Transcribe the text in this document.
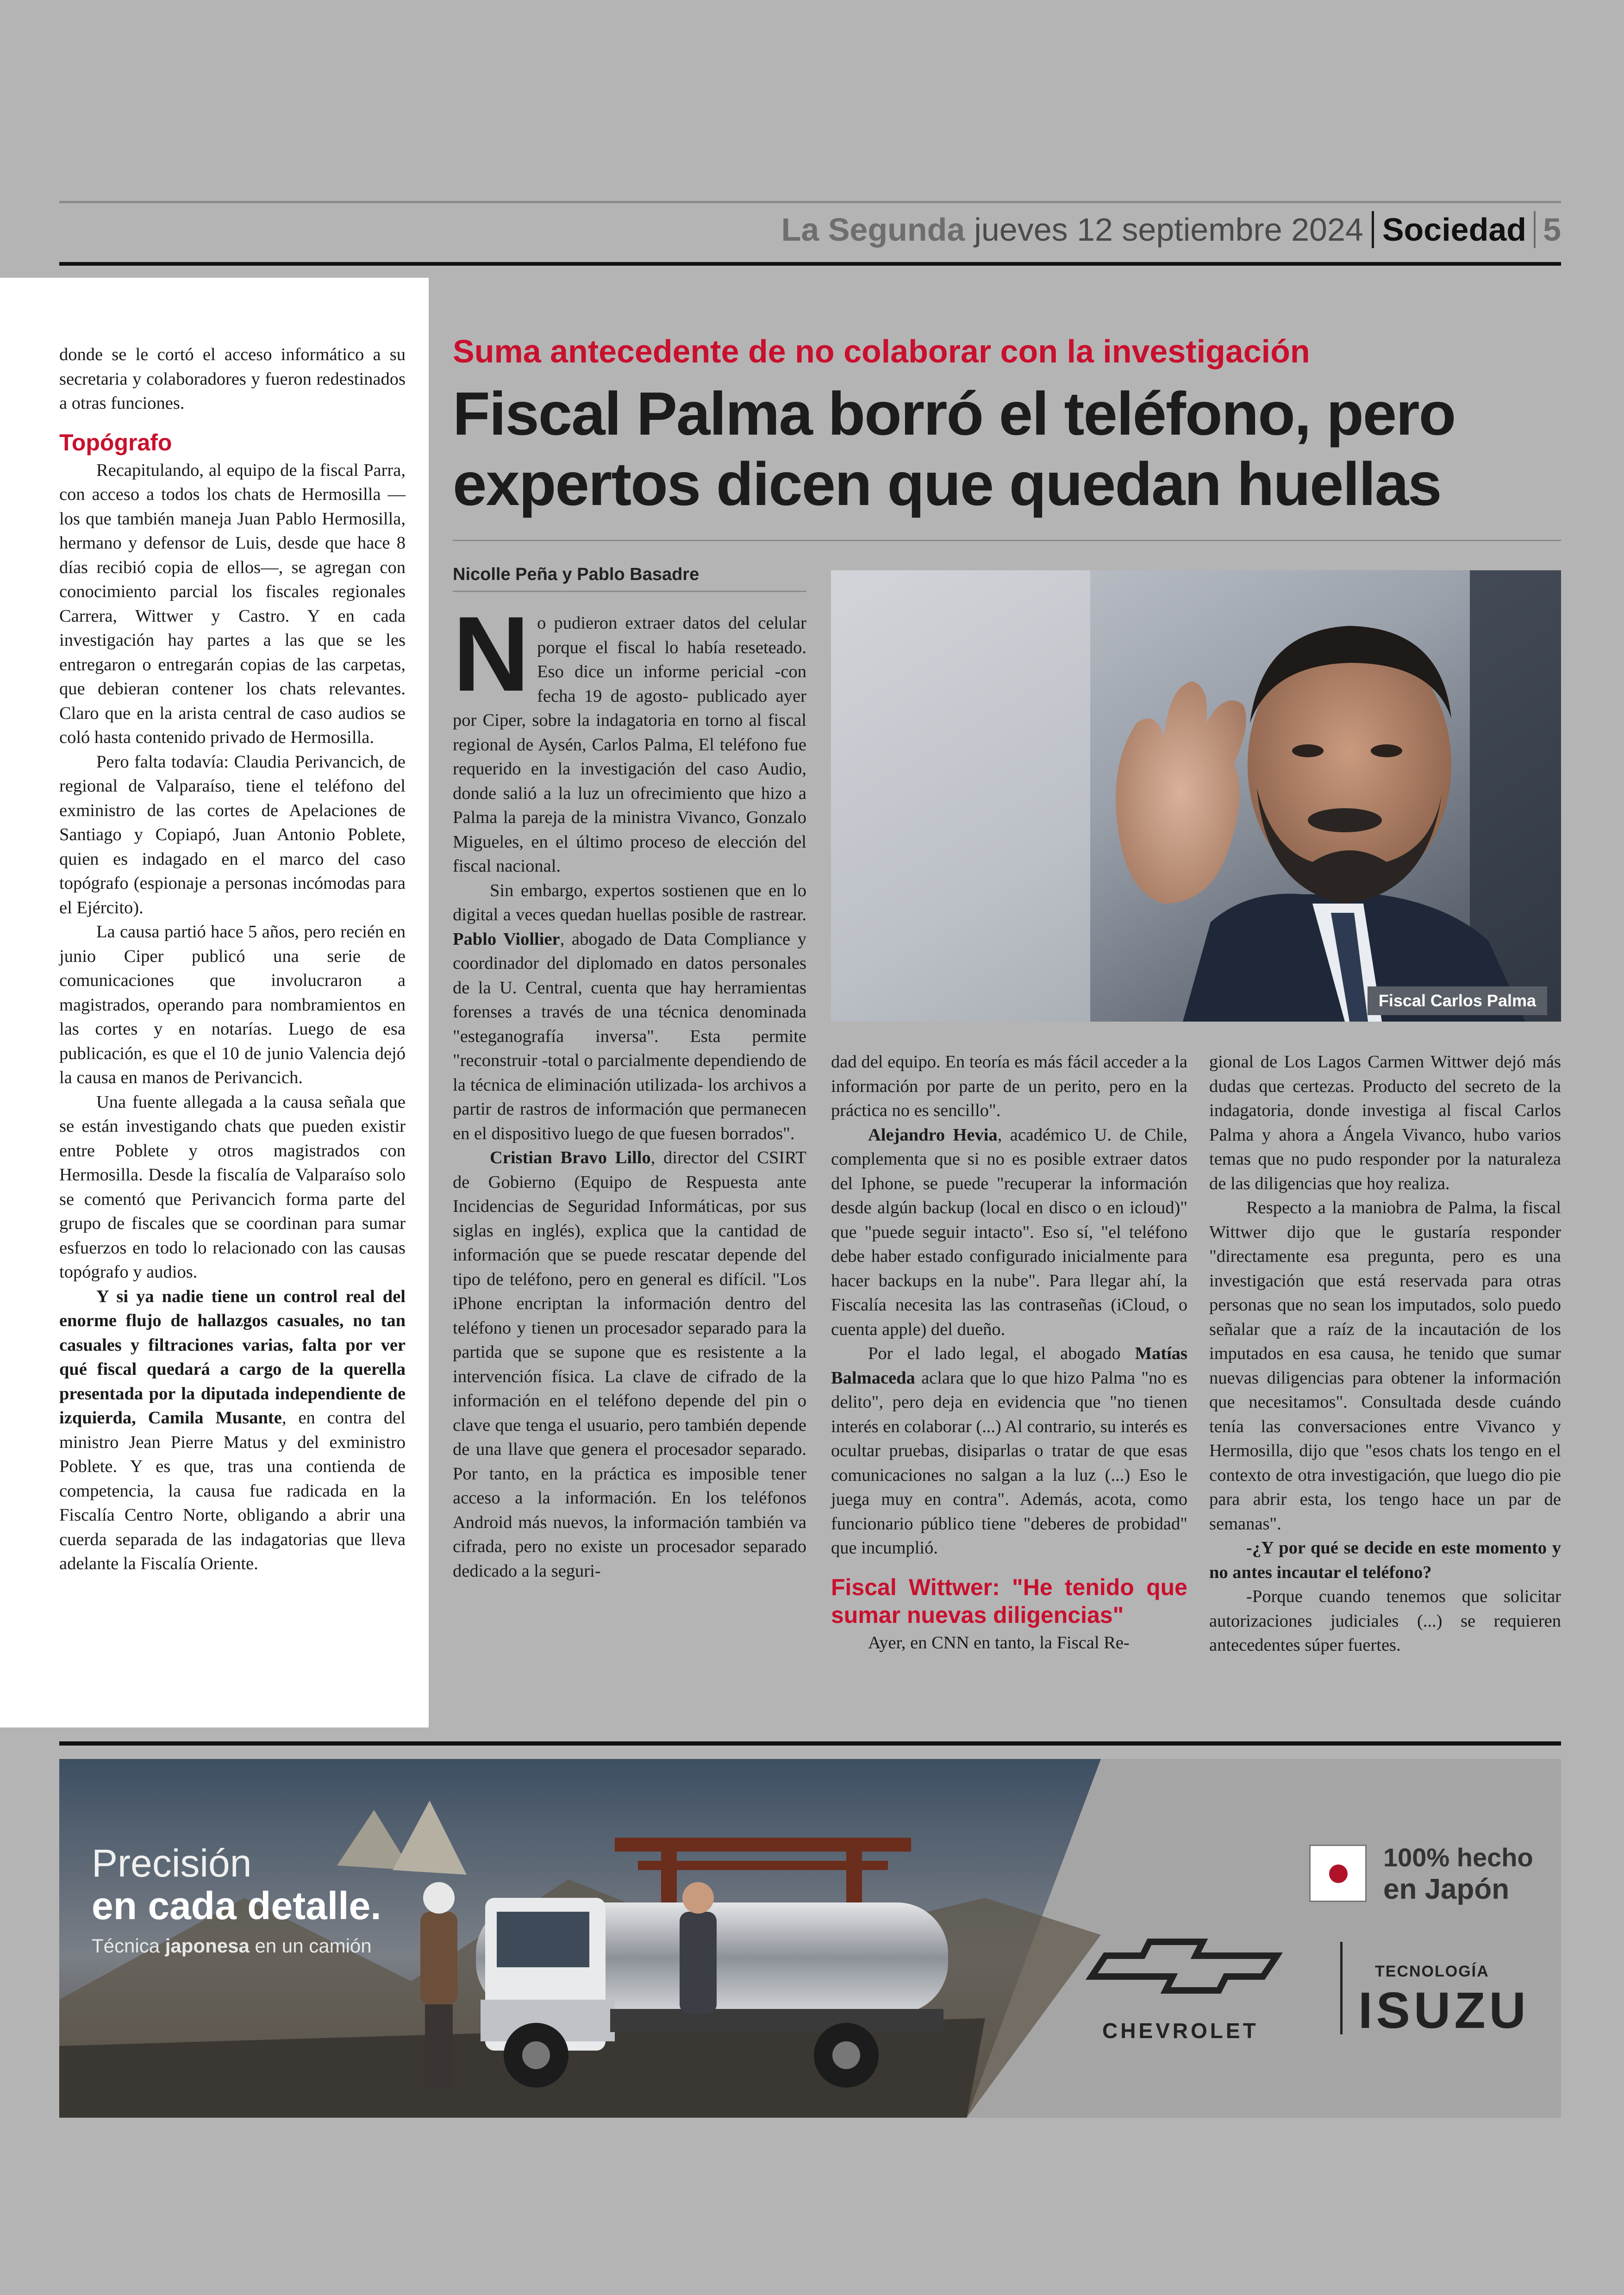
La Segunda jueves 12 septiembre 2024 Sociedad 5

donde se le cortó el acceso informático a su secretaria y colaboradores y fueron redestinados a otras funciones.

Topógrafo

Recapitulando, al equipo de la fiscal Parra, con acceso a todos los chats de Hermosilla —los que también maneja Juan Pablo Hermosilla, hermano y defensor de Luis, desde que hace 8 días recibió copia de ellos—, se agregan con conocimiento parcial los fiscales regionales Carrera, Wittwer y Castro. Y en cada investigación hay partes a las que se les entregaron o entregarán copias de las carpetas, que debieran contener los chats relevantes. Claro que en la arista central de caso audios se coló hasta contenido privado de Hermosilla.

Pero falta todavía: Claudia Perivancich, de regional de Valparaíso, tiene el teléfono del exministro de las cortes de Apelaciones de Santiago y Copiapó, Juan Antonio Poblete, quien es indagado en el marco del caso topógrafo (espionaje a personas incómodas para el Ejército).

La causa partió hace 5 años, pero recién en junio Ciper publicó una serie de comunicaciones que involucraron a magistrados, operando para nombramientos en las cortes y en notarías. Luego de esa publicación, es que el 10 de junio Valencia dejó la causa en manos de Perivancich.

Una fuente allegada a la causa señala que se están investigando chats que pueden existir entre Poblete y otros magistrados con Hermosilla. Desde la fiscalía de Valparaíso solo se comentó que Perivancich forma parte del grupo de fiscales que se coordinan para sumar esfuerzos en todo lo relacionado con las causas topógrafo y audios.

Y si ya nadie tiene un control real del enorme flujo de hallazgos casuales, no tan casuales y filtraciones varias, falta por ver qué fiscal quedará a cargo de la querella presentada por la diputada independiente de izquierda, Camila Musante, en contra del ministro Jean Pierre Matus y del exministro Poblete. Y es que, tras una contienda de competencia, la causa fue radicada en la Fiscalía Centro Norte, obligando a abrir una cuerda separada de las indagatorias que lleva adelante la Fiscalía Oriente.

Suma antecedente de no colaborar con la investigación
Fiscal Palma borró el teléfono, pero expertos dicen que quedan huellas
Nicolle Peña y Pablo Basadre

No pudieron extraer datos del celular porque el fiscal lo había reseteado. Eso dice un informe pericial -con fecha 19 de agosto- publicado ayer por Ciper, sobre la indagatoria en torno al fiscal regional de Aysén, Carlos Palma, El teléfono fue requerido en la investigación del caso Audio, donde salió a la luz un ofrecimiento que hizo a Palma la pareja de la ministra Vivanco, Gonzalo Migueles, en el último proceso de elección del fiscal nacional.

Sin embargo, expertos sostienen que en lo digital a veces quedan huellas posible de rastrear. Pablo Viollier, abogado de Data Compliance y coordinador del diplomado en datos personales de la U. Central, cuenta que hay herramientas forenses a través de una técnica denominada "esteganografía inversa". Esta permite "reconstruir -total o parcialmente dependiendo de la técnica de eliminación utilizada- los archivos a partir de rastros de información que permanecen en el dispositivo luego de que fuesen borrados".

Cristian Bravo Lillo, director del CSIRT de Gobierno (Equipo de Respuesta ante Incidencias de Seguridad Informáticas, por sus siglas en inglés), explica que la cantidad de información que se puede rescatar depende del tipo de teléfono, pero en general es difícil. "Los iPhone encriptan la información dentro del teléfono y tienen un procesador separado para la partida que se supone que es resistente a la intervención física. La clave de cifrado de la información en el teléfono depende del pin o clave que tenga el usuario, pero también depende de una llave que genera el procesador separado. Por tanto, en la práctica es imposible tener acceso a la información. En los teléfonos Android más nuevos, la información también va cifrada, pero no existe un procesador separado dedicado a la seguri-

Fiscal Carlos Palma

dad del equipo. En teoría es más fácil acceder a la información por parte de un perito, pero en la práctica no es sencillo".

Alejandro Hevia, académico U. de Chile, complementa que si no es posible extraer datos del Iphone, se puede "recuperar la información desde algún backup (local en disco o en icloud)" que "puede seguir intacto". Eso sí, "el teléfono debe haber estado configurado inicialmente para hacer backups en la nube". Para llegar ahí, la Fiscalía necesita las las contraseñas (iCloud, o cuenta apple) del dueño.

Por el lado legal, el abogado Matías Balmaceda aclara que lo que hizo Palma "no es delito", pero deja en evidencia que "no tienen interés en colaborar (...) Al contrario, su interés es ocultar pruebas, disiparlas o tratar de que esas comunicaciones no salgan a la luz (...) Eso le juega muy en contra". Además, acota, como funcionario público tiene "deberes de probidad" que incumplió.

Fiscal Wittwer: "He tenido que sumar nuevas diligencias"

Ayer, en CNN en tanto, la Fiscal Re-

gional de Los Lagos Carmen Wittwer dejó más dudas que certezas. Producto del secreto de la indagatoria, donde investiga al fiscal Carlos Palma y ahora a Ángela Vivanco, hubo varios temas que no pudo responder por la naturaleza de las diligencias que hoy realiza.

Respecto a la maniobra de Palma, la fiscal Wittwer dijo que le gustaría responder "directamente esa pregunta, pero es una investigación que está reservada para otras personas que no sean los imputados, solo puedo señalar que a raíz de la incautación de los imputados en esa causa, he tenido que sumar nuevas diligencias para obtener la información que necesitamos". Consultada desde cuándo tenía las conversaciones entre Vivanco y Hermosilla, dijo que "esos chats los tengo en el contexto de otra investigación, que luego dio pie para abrir esta, los tengo hace un par de semanas".

-¿Y por qué se decide en este momento y no antes incautar el teléfono?

-Porque cuando tenemos que solicitar autorizaciones judiciales (...) se requieren antecedentes súper fuertes.

Precisión
en cada detalle.
Técnica japonesa en un camión
100% hecho
en Japón
CHEVROLET
TECNOLOGÍA
ISUZU
